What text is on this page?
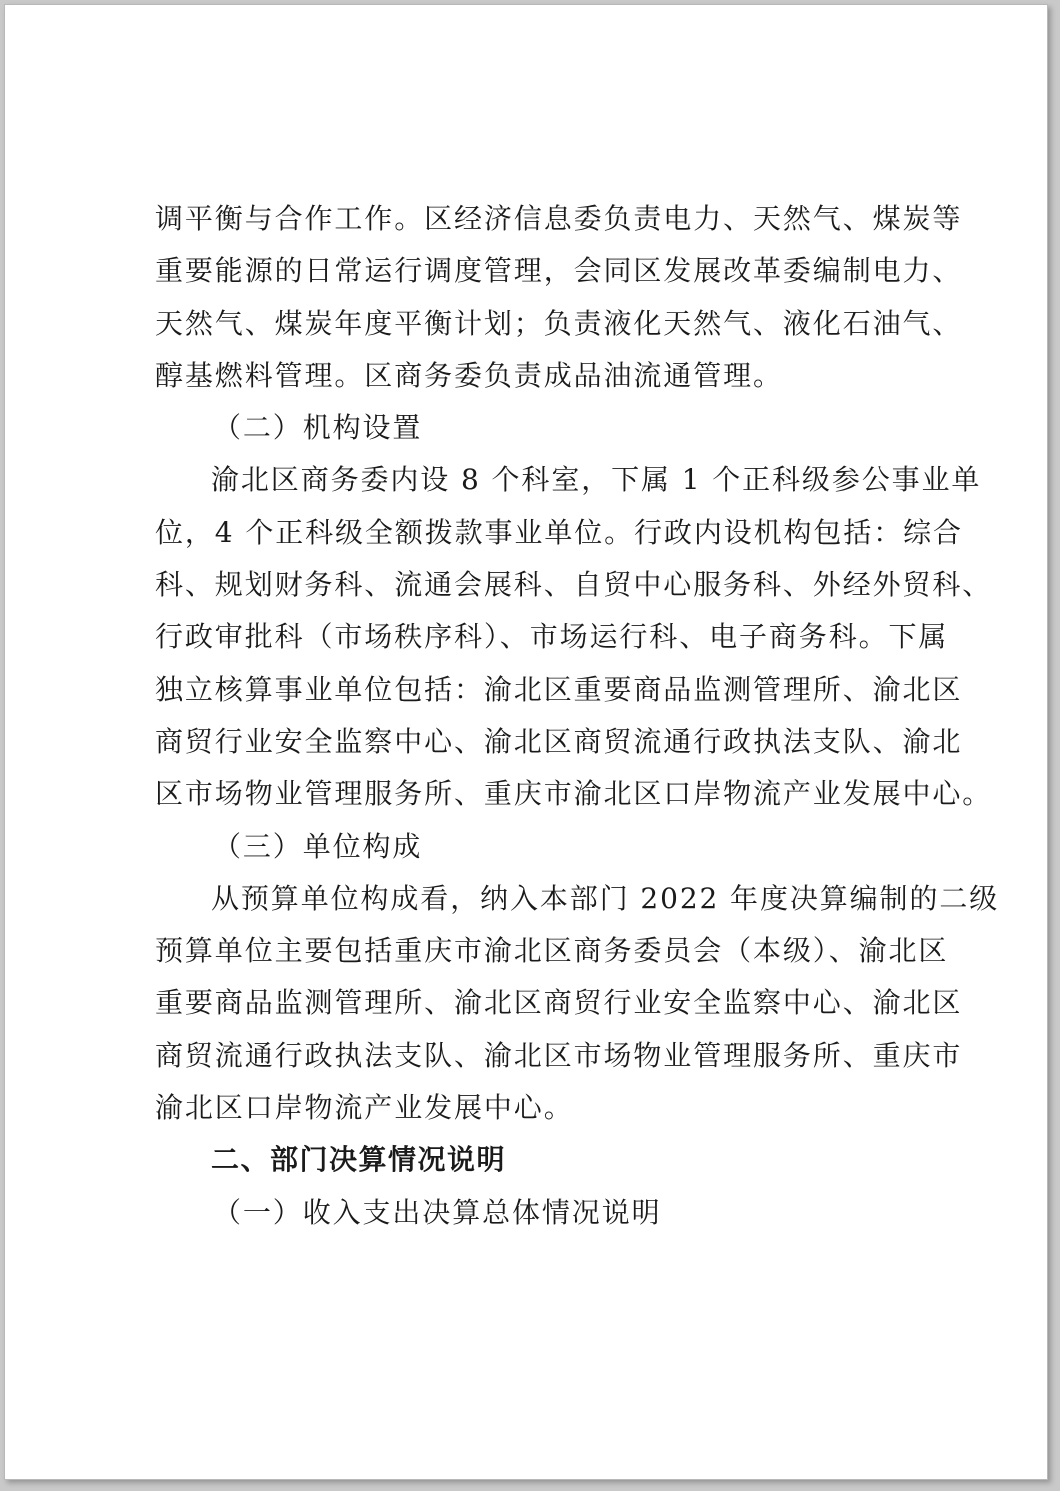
调平衡与合作工作。区经济信息委负责电力、天然气、煤炭等
重要能源的日常运行调度管理，会同区发展改革委编制电力、
天然气、煤炭年度平衡计划；负责液化天然气、液化石油气、
醇基燃料管理。区商务委负责成品油流通管理。
（二）机构设置
渝北区商务委内设 8 个科室，下属 1 个正科级参公事业单
位，4 个正科级全额拨款事业单位。行政内设机构包括：综合
科、规划财务科、流通会展科、自贸中心服务科、外经外贸科、
行政审批科（市场秩序科）、市场运行科、电子商务科。下属
独立核算事业单位包括：渝北区重要商品监测管理所、渝北区
商贸行业安全监察中心、渝北区商贸流通行政执法支队、渝北
区市场物业管理服务所、重庆市渝北区口岸物流产业发展中心。
（三）单位构成
从预算单位构成看，纳入本部门 2022 年度决算编制的二级
预算单位主要包括重庆市渝北区商务委员会（本级）、渝北区
重要商品监测管理所、渝北区商贸行业安全监察中心、渝北区
商贸流通行政执法支队、渝北区市场物业管理服务所、重庆市
渝北区口岸物流产业发展中心。
二、部门决算情况说明
（一）收入支出决算总体情况说明
